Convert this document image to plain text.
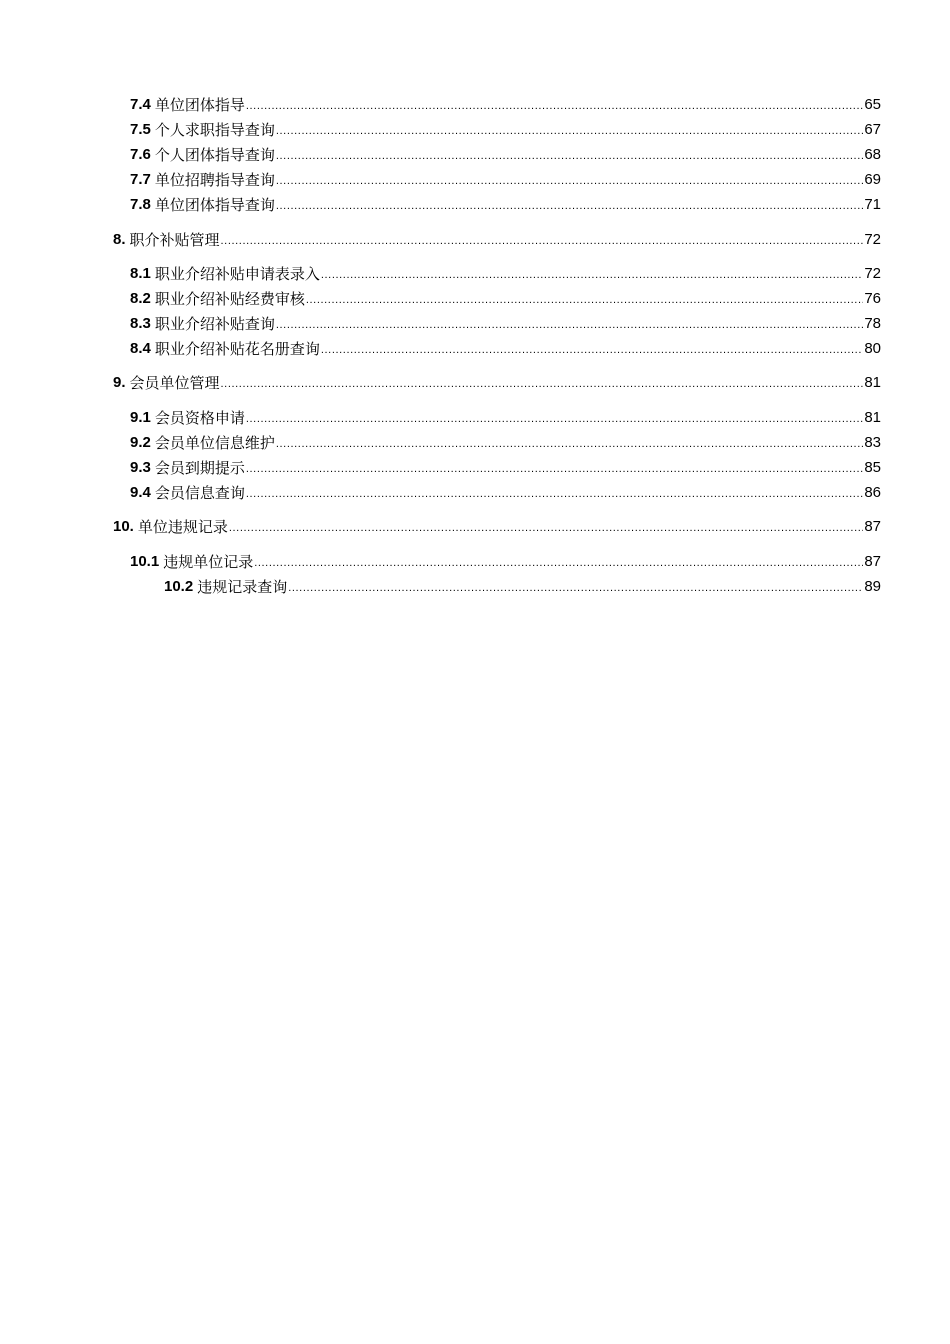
7.4 单位团体指导 .....	65
7.5 个人求职指导查询 .....	67
7.6 个人团体指导查询 .....	68
7.7 单位招聘指导查询 .....	69
7.8 单位团体指导查询 .....	71
8. 职介补贴管理 .....	72
8.1 职业介绍补贴申请表录入 .....	72
8.2 职业介绍补贴经费审核 .....	76
8.3 职业介绍补贴查询 .....	78
8.4 职业介绍补贴花名册查询 .....	80
9. 会员单位管理 .....	81
9.1 会员资格申请 .....	81
9.2 会员单位信息维护 .....	83
9.3 会员到期提示 .....	85
9.4 会员信息查询 .....	86
10. 单位违规记录 .....	87
10.1 违规单位记录 .....	87
10.2 违规记录查询 .....	89
